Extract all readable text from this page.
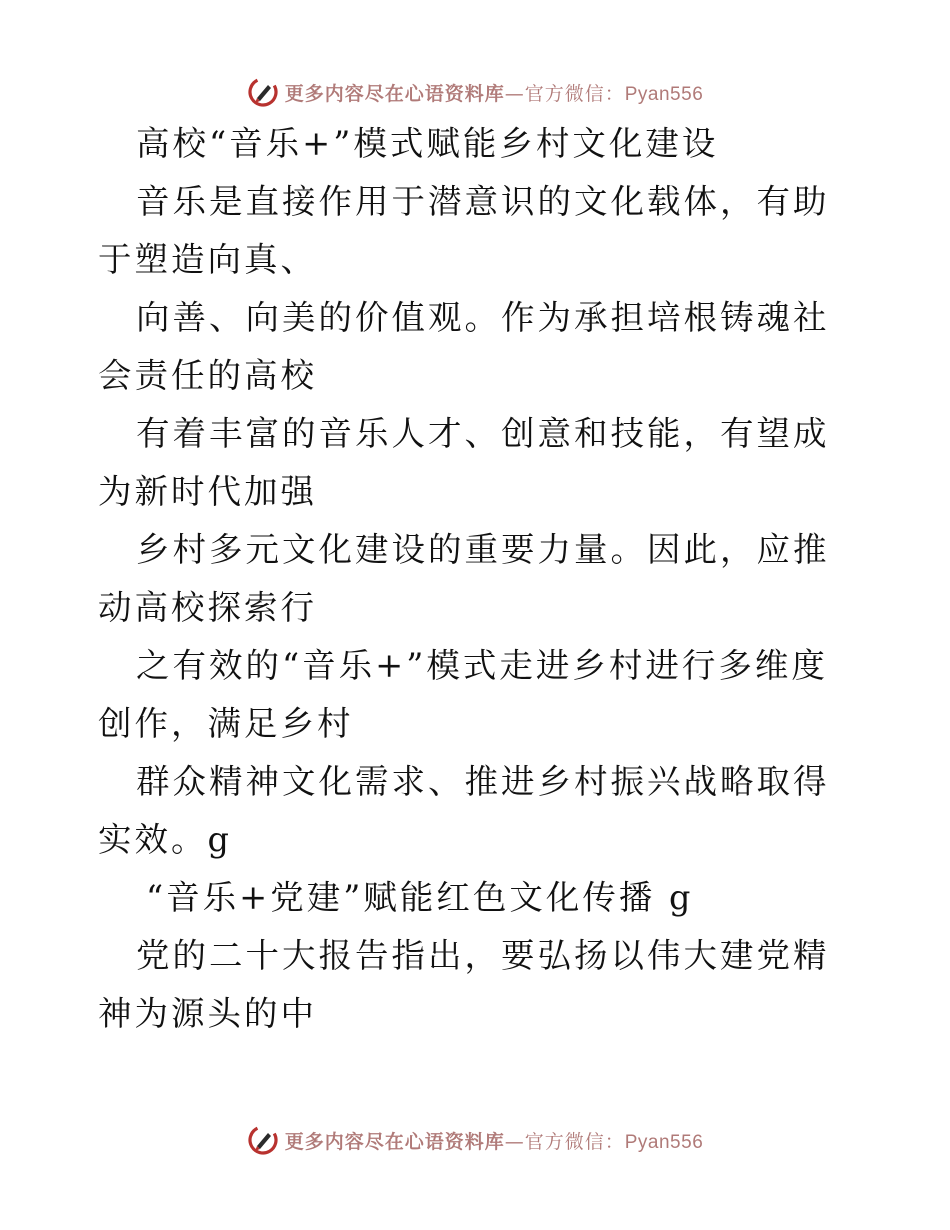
更多内容尽在心语资料库—官方微信：Pyan556

高校“音乐+”模式赋能乡村文化建设

音乐是直接作用于潜意识的文化载体，有助于塑造向真、

向善、向美的价值观。作为承担培根铸魂社会责任的高校

有着丰富的音乐人才、创意和技能，有望成为新时代加强

乡村多元文化建设的重要力量。因此，应推动高校探索行

之有效的“音乐+”模式走进乡村进行多维度创作，满足乡村

群众精神文化需求、推进乡村振兴战略取得实效。g

“音乐+党建”赋能红色文化传播 g

党的二十大报告指出，要弘扬以伟大建党精神为源头的中

更多内容尽在心语资料库—官方微信：Pyan556
